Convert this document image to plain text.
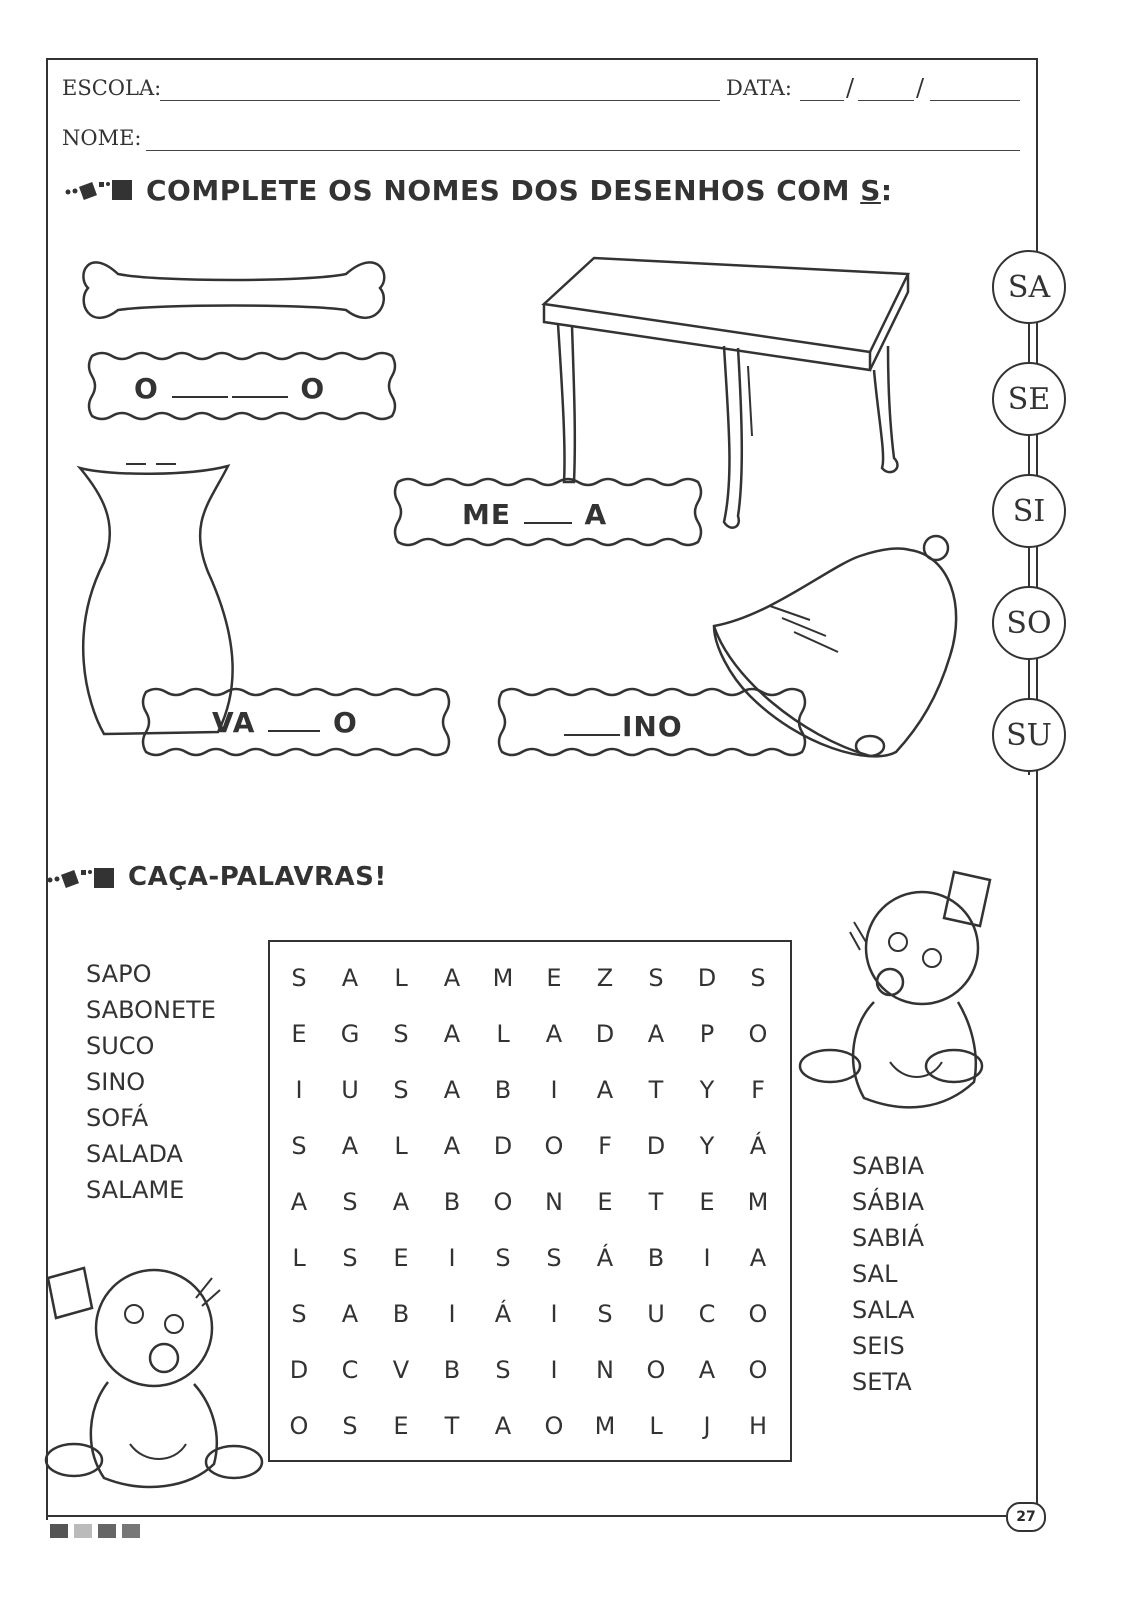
ESCOLA:	DATA: /	/
NOME:
COMPLETE OS NOMES DOS DESENHOS COM S:
O	O
ME	A
VA	O	INO
SA
SE
SI
SO
SU
CAÇA-PALAVRAS!
SAPO
SABONETE
SUCO
SINO
SOFÁ
SALADA
SALAME
S	A	L	A	M	E	Z	S	D	S
E	G	S	A	L	A	D	A	P	O
I	U	S	A	B	I	A	T	Y	F
S	A	L	A	D	O	F	D	Y	Á
A	S	A	B	O	N	E	T	E	M
L	S	E	I	S	S	Á	B	I	A
S	A	B	I	Á	I	S	U	C	O
D	C	V	B	S	I	N	O	A	O
O	S	E	T	A	O	M	L	J	H
SABIA
SÁBIA
SABIÁ
SAL
SALA
SEIS
SETA
27
